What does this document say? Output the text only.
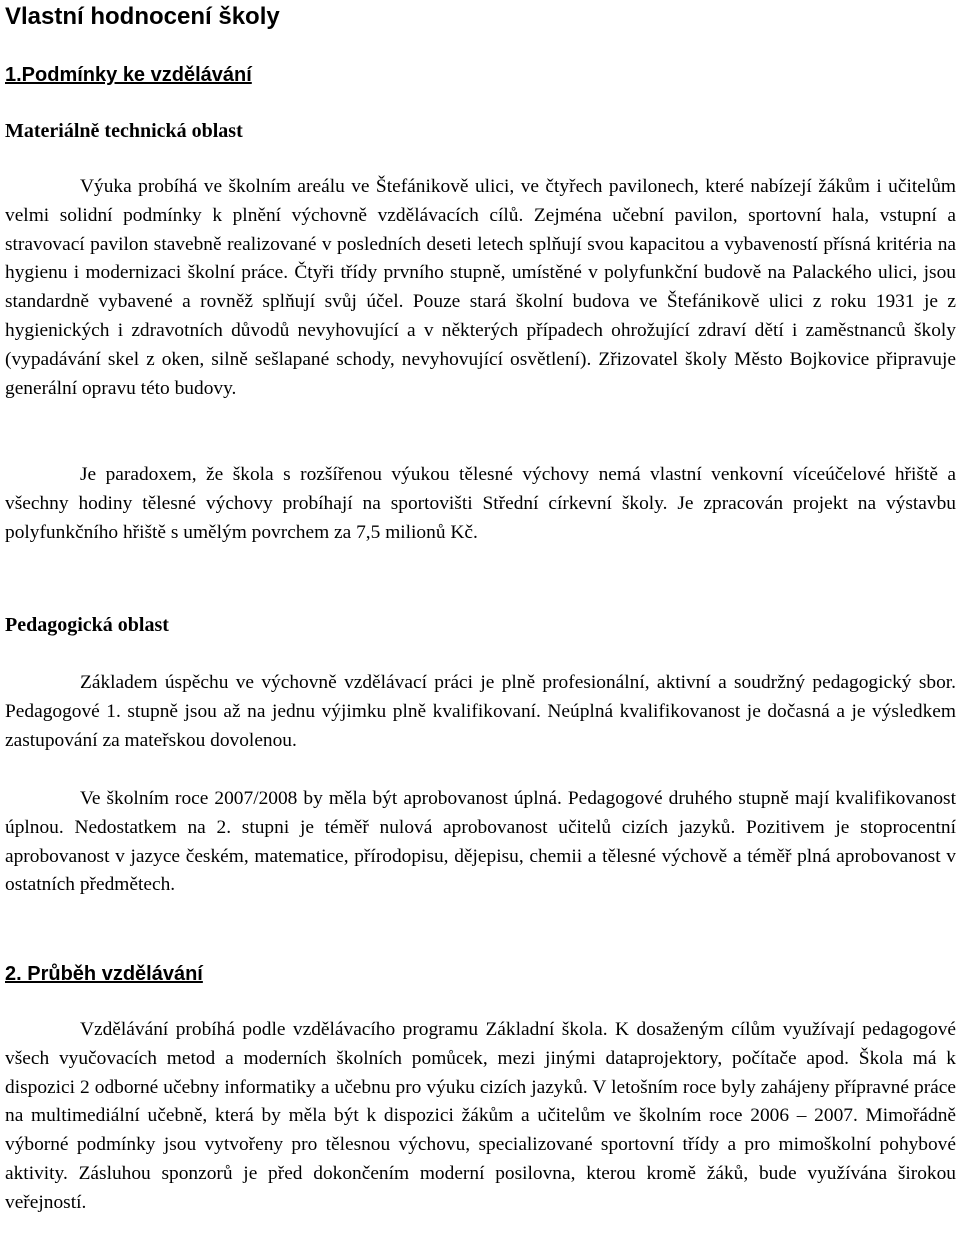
Vlastní hodnocení školy
1.Podmínky ke vzdělávání
Materiálně technická oblast

Výuka probíhá ve školním areálu ve Štefánikově ulici, ve čtyřech pavilonech, které nabízejí žákům i učitelům velmi solidní podmínky k plnění výchovně vzdělávacích cílů. Zejména učební pavilon, sportovní hala, vstupní a stravovací pavilon stavebně realizované v posledních deseti letech splňují svou kapacitou a vybaveností přísná kritéria na hygienu i modernizaci školní práce. Čtyři třídy prvního stupně, umístěné v polyfunkční budově na Palackého ulici, jsou standardně vybavené a rovněž splňují svůj účel. Pouze stará školní budova ve Štefánikově ulici z roku 1931 je z hygienických i zdravotních důvodů nevyhovující a v některých případech ohrožující zdraví dětí i zaměstnanců školy (vypadávání skel z oken, silně sešlapané schody, nevyhovující osvětlení). Zřizovatel školy Město Bojkovice připravuje generální opravu této budovy.

Je paradoxem, že škola s rozšířenou výukou tělesné výchovy nemá vlastní venkovní víceúčelové hřiště a všechny hodiny tělesné výchovy probíhají na sportovišti Střední církevní školy. Je zpracován projekt na výstavbu polyfunkčního hřiště s umělým povrchem za 7,5 milionů Kč.

Pedagogická oblast

Základem úspěchu ve výchovně vzdělávací práci je plně profesionální, aktivní a soudržný pedagogický sbor. Pedagogové 1. stupně jsou až na jednu výjimku plně kvalifikovaní. Neúplná kvalifikovanost je dočasná a je výsledkem zastupování za mateřskou dovolenou.

Ve školním roce 2007/2008 by měla být aprobovanost úplná. Pedagogové druhého stupně mají kvalifikovanost úplnou. Nedostatkem na 2. stupni je téměř nulová aprobovanost učitelů cizích jazyků. Pozitivem je stoprocentní aprobovanost v jazyce českém, matematice, přírodopisu, dějepisu, chemii a tělesné výchově a téměř plná aprobovanost v ostatních předmětech.

2. Průběh vzdělávání

Vzdělávání probíhá podle vzdělávacího programu Základní škola. K dosaženým cílům využívají pedagogové všech vyučovacích metod a moderních školních pomůcek, mezi jinými dataprojektory, počítače apod. Škola má k dispozici 2 odborné učebny informatiky a učebnu pro výuku cizích jazyků. V letošním roce byly zahájeny přípravné práce na multimediální učebně, která by měla být k dispozici žákům a učitelům ve školním roce 2006 – 2007. Mimořádně výborné podmínky jsou vytvořeny pro tělesnou výchovu, specializované sportovní třídy a pro mimoškolní pohybové aktivity. Zásluhou sponzorů je před dokončením moderní posilovna, kterou kromě žáků, bude využívána širokou veřejností.
